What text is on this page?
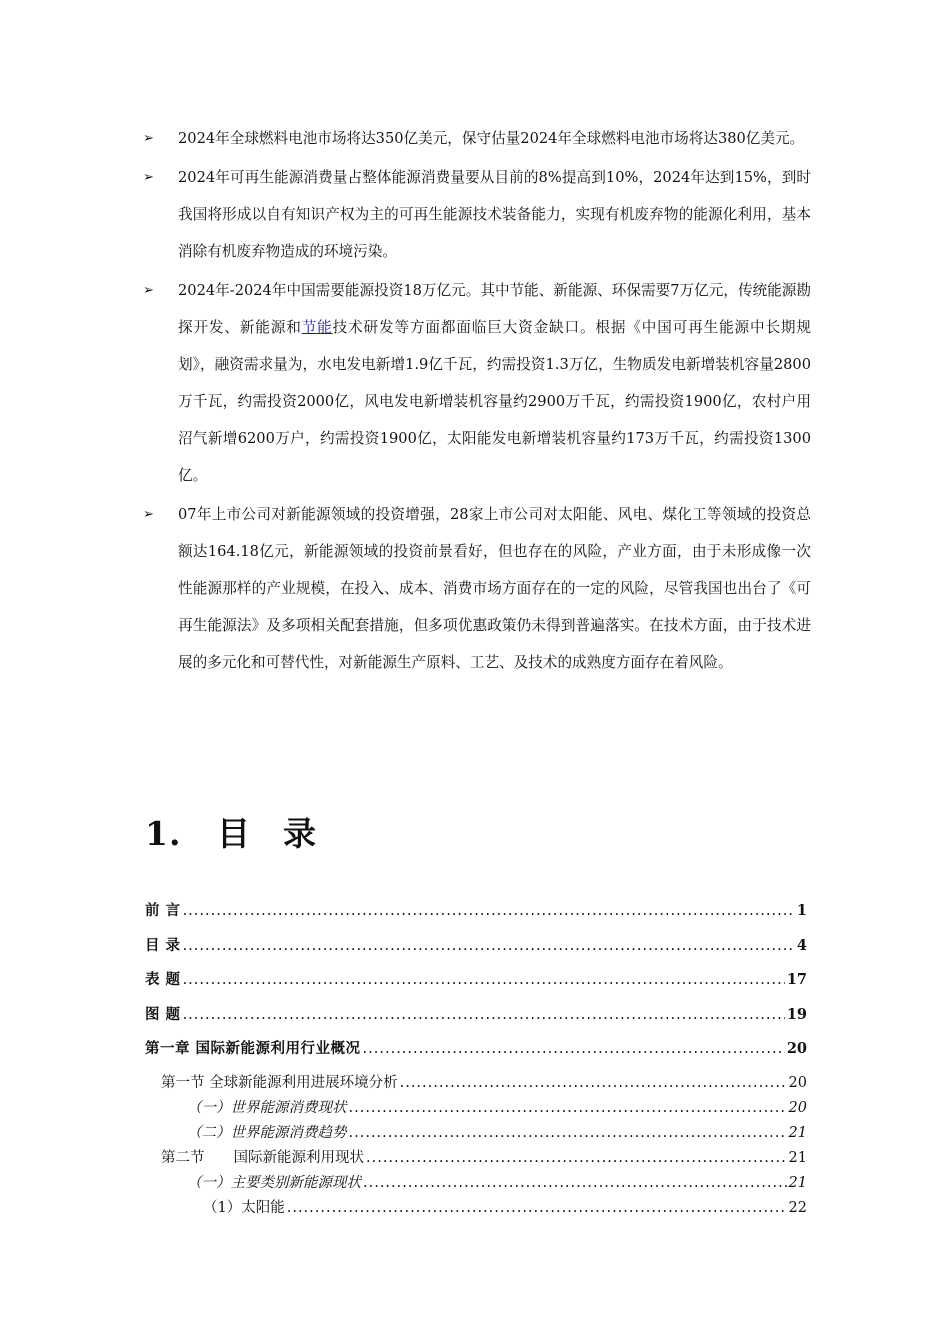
➢ 2024年全球燃料电池市场将达350亿美元，保守估量2024年全球燃料电池市场将达380亿美元。
➢ 2024年可再生能源消费量占整体能源消费量要从目前的8%提高到10%，2024年达到15%，到时我国将形成以自有知识产权为主的可再生能源技术装备能力，实现有机废弃物的能源化利用，基本消除有机废弃物造成的环境污染。
➢ 2024年-2024年中国需要能源投资18万亿元。其中节能、新能源、环保需要7万亿元，传统能源勘探开发、新能源和节能技术研发等方面都面临巨大资金缺口。根据《中国可再生能源中长期规划》，融资需求量为，水电发电新增1.9亿千瓦，约需投资1.3万亿，生物质发电新增装机容量2800万千瓦，约需投资2000亿，风电发电新增装机容量约2900万千瓦，约需投资1900亿，农村户用沼气新增6200万户，约需投资1900亿，太阳能发电新增装机容量约173万千瓦，约需投资1300亿。
➢ 07年上市公司对新能源领域的投资增强，28家上市公司对太阳能、风电、煤化工等领域的投资总额达164.18亿元，新能源领域的投资前景看好，但也存在的风险，产业方面，由于未形成像一次性能源那样的产业规模，在投入、成本、消费市场方面存在的一定的风险，尽管我国也出台了《可再生能源法》及多项相关配套措施，但多项优惠政策仍未得到普遍落实。在技术方面，由于技术进展的多元化和可替代性，对新能源生产原料、工艺、及技术的成熟度方面存在着风险。
1. 目 录
前 言 .....	1
目 录 .....	4
表 题 .....	17
图 题 .....	19
第一章 国际新能源利用行业概况 .....	20
第一节 全球新能源利用进展环境分析 .....	20
（一）世界能源消费现状 .....	20
（二）世界能源消费趋势 .....	21
第二节　　国际新能源利用现状 .....	21
（一）主要类别新能源现状 .....	21
（1）太阳能 .....	22
